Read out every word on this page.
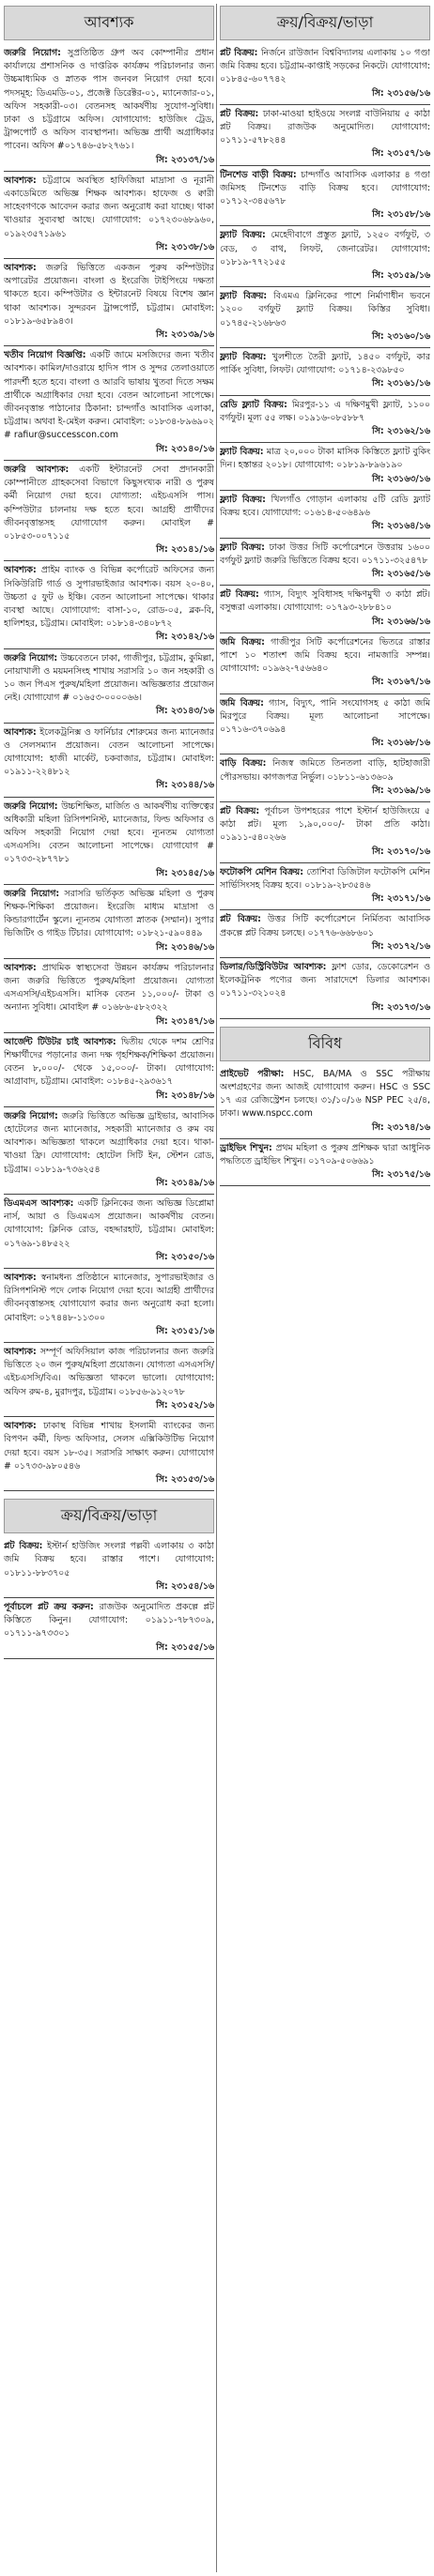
আবশ্যক
জরুরি নিয়োগ: সুপ্রতিষ্ঠিত গ্রুপ অব কোম্পানীর প্রধান কার্যালয়ে প্রশাসনিক ও দাপ্তরিক কার্যক্রম পরিচালনার জন্য উচ্চমাধ্যমিক ও স্নাতক পাস জনবল নিয়োগ দেয়া হবে। পদসমূহ: ডিএমডি-০১, প্রজেক্ট ডিরেক্টর-০১, ম্যানেজার-০১, অফিস সহকারী-০৩। বেতনসহ আকর্ষণীয় সুযোগ-সুবিধা। ঢাকা ও চট্টগ্রামে অফিস। যোগাযোগ: হাউজিং ট্রেড, ট্রান্সপোর্ট ও অফিস ব্যবস্থাপনা। অভিজ্ঞ প্রার্থী অগ্রাধিকার পাবেন। অফিস #০১৭৪৬-৫৮২৭৬১।
সি: ২৩১৩৭/১৬
আবশ্যক: চট্টগ্রামে অবস্থিত হাফিজিয়া মাদ্রাসা ও নূরানী একাডেমিতে অভিজ্ঞ শিক্ষক আবশ্যক। হাফেজ ও ক্বারী সাহেবগণকে আবেদন করার জন্য অনুরোধ করা যাচ্ছে। থাকা খাওয়ার সুব্যবস্থা আছে। যোগাযোগ: ০১৭২৩০৬৮৯৬০, ০১৯২৩৫৭১৯৬১
সি: ২৩১৩৮/১৬
আবশ্যক: জরুরি ভিত্তিতে একজন পুরুষ কম্পিউটার অপারেটর প্রয়োজন। বাংলা ও ইংরেজি টাইপিংয়ে দক্ষতা থাকতে হবে। কম্পিউটার ও ইন্টারনেট বিষয়ে বিশেষ জ্ঞান থাকা আবশ্যক। সুন্দরবন ট্রান্সপোর্ট, চট্টগ্রাম। মোবাইল: ০১৮১৯-৬৫৮৯৪৩।
সি: ২৩১৩৯/১৬
খতীব নিয়োগ বিজ্ঞপ্তি: একটি জামে মসজিদের জন্য খতীব আবশ্যক। কামিল/দাওরায়ে হাদিস পাস ও সুন্দর তেলাওয়াতে পারদর্শী হতে হবে। বাংলা ও আরবি ভাষায় খুতবা দিতে সক্ষম প্রার্থীকে অগ্রাধিকার দেয়া হবে। বেতন আলোচনা সাপেক্ষে। জীবনবৃত্তান্ত পাঠানোর ঠিকানা: চান্দগাঁও আবাসিক এলাকা, চট্টগ্রাম। অথবা ই-মেইল করুন। মোবাইল: ০১৮৩৪-৮৯৬৯০২ # rafiur@successcon.com
সি: ২৩১৪০/১৬
জরুরি আবশ্যক: একটি ইন্টারনেট সেবা প্রদানকারী কোম্পানীতে গ্রাহকসেবা বিভাগে কিছুসংখ্যক নারী ও পুরুষ কর্মী নিয়োগ দেয়া হবে। যোগ্যতা: এইচএসসি পাস। কম্পিউটার চালনায় দক্ষ হতে হবে। আগ্রহী প্রার্থীদের জীবনবৃত্তান্তসহ যোগাযোগ করুন। মোবাইল # ০১৮৫৩-০০৭১১৫
সি: ২৩১৪১/১৬
আবশ্যক: প্রাইম ব্যাংক ও বিভিন্ন কর্পোরেট অফিসের জন্য সিকিউরিটি গার্ড ও সুপারভাইজার আবশ্যক। বয়স ২০-৪০, উচ্চতা ৫ ফুট ৬ ইঞ্চি। বেতন আলোচনা সাপেক্ষে। থাকার ব্যবস্থা আছে। যোগাযোগ: বাসা-১০, রোড-০৫, ব্লক-বি, হালিশহর, চট্টগ্রাম। মোবাইল: ০১৮১৪-৩৪০৮৭২
সি: ২৩১৪২/১৬
জরুরি নিয়োগ: উচ্চবেতনে ঢাকা, গাজীপুর, চট্টগ্রাম, কুমিল্লা, নোয়াখালী ও ময়মনসিংহ শাখায় সরাসরি ১০ জন সহকারী ও ১০ জন পিএস পুরুষ/মহিলা প্রয়োজন। অভিজ্ঞতার প্রয়োজন নেই। যোগাযোগ # ০১৬৫৩-০০০০৬৬।
সি: ২৩১৪৩/১৬
আবশ্যক: ইলেকট্রনিক্স ও ফার্নিচার শোরুমের জন্য ম্যানেজার ও সেলসম্যান প্রয়োজন। বেতন আলোচনা সাপেক্ষে। যোগাযোগ: হাজী মার্কেট, চকবাজার, চট্টগ্রাম। মোবাইল: ০১৯১১-২২৪৮১২
সি: ২৩১৪৪/১৬
জরুরি নিয়োগ: উচ্চশিক্ষিত, মার্জিত ও আকর্ষণীয় ব্যক্তিত্বের অধিকারী মহিলা রিসিপশনিস্ট, ম্যানেজার, ফিল্ড অফিসার ও অফিস সহকারী নিয়োগ দেয়া হবে। ন্যূনতম যোগ্যতা এসএসসি। বেতন আলোচনা সাপেক্ষে। যোগাযোগ # ০১৭৩৩-২৮৭৭৮১
সি: ২৩১৪৫/১৬
জরুরি নিয়োগ: সরাসরি ভর্তিকৃত অভিজ্ঞ মহিলা ও পুরুষ শিক্ষক-শিক্ষিকা প্রয়োজন। ইংরেজি মাধ্যম মাদ্রাসা ও কিন্ডারগার্টেন স্কুলে। ন্যূনতম যোগ্যতা স্নাতক (সম্মান)। সুপার ভিজিটিং ও গাইড টিচার। যোগাযোগ: ০১৮২১-৫৯০৪৪৯
সি: ২৩১৪৬/১৬
আবশ্যক: প্রাথমিক স্বাস্থ্যসেবা উন্নয়ন কার্যক্রম পরিচালনার জন্য জরুরি ভিত্তিতে পুরুষ/মহিলা প্রয়োজন। যোগ্যতা এসএসসি/এইচএসসি। মাসিক বেতন ১১,০০০/- টাকা ও অন্যান্য সুবিধা। মোবাইল # ০১৬৮৬-৫৮২৩২২
সি: ২৩১৪৭/১৬
আর্জেন্ট টিউটর চাই আবশ্যক: দ্বিতীয় থেকে দশম শ্রেণির শিক্ষার্থীদের পড়ানোর জন্য দক্ষ গৃহশিক্ষক/শিক্ষিকা প্রয়োজন। বেতন ৮,০০০/- থেকে ১৫,০০০/- টাকা। যোগাযোগ: আগ্রাবাদ, চট্টগ্রাম। মোবাইল: ০১৮৪৫-২৯৩৬১৭
সি: ২৩১৪৮/১৬
জরুরি নিয়োগ: জরুরি ভিত্তিতে অভিজ্ঞ ড্রাইভার, আবাসিক হোটেলের জন্য ম্যানেজার, সহকারী ম্যানেজার ও রুম বয় আবশ্যক। অভিজ্ঞতা থাকলে অগ্রাধিকার দেয়া হবে। থাকা-খাওয়া ফ্রি। যোগাযোগ: হোটেল সিটি ইন, স্টেশন রোড, চট্টগ্রাম। ০১৮১৯-৭৩৬২৫৪
সি: ২৩১৪৯/১৬
ডিএমএস আবশ্যক: একটি ক্লিনিকের জন্য অভিজ্ঞ ডিপ্লোমা নার্স, আয়া ও ডিএমএস প্রয়োজন। আকর্ষণীয় বেতন। যোগাযোগ: ক্লিনিক রোড, বহদ্দারহাট, চট্টগ্রাম। মোবাইল: ০১৭৬৯-১৪৮৫২২
সি: ২৩১৫০/১৬
আবশ্যক: স্বনামধন্য প্রতিষ্ঠানে ম্যানেজার, সুপারভাইজার ও রিসিপশনিস্ট পদে লোক নিয়োগ দেয়া হবে। আগ্রহী প্রার্থীদের জীবনবৃত্তান্তসহ যোগাযোগ করার জন্য অনুরোধ করা হলো। মোবাইল: ০১৭৪৪৮-১১৩০০
সি: ২৩১৫১/১৬
আবশ্যক: সম্পূর্ণ অফিসিয়াল কাজ পরিচালনার জন্য জরুরি ভিত্তিতে ২০ জন পুরুষ/মহিলা প্রয়োজন। যোগ্যতা এসএসসি/এইচএসসি/বিএ। অভিজ্ঞতা থাকলে ভালো। যোগাযোগ: অফিস রুম-৪, মুরাদপুর, চট্টগ্রাম। ০১৮৫৬-৯১২০৭৮
সি: ২৩১৫২/১৬
আবশ্যক: ঢাকাস্থ বিভিন্ন শাখায় ইসলামী ব্যাংকের জন্য বিপণন কর্মী, ফিল্ড অফিসার, সেলস এক্সিকিউটিভ নিয়োগ দেয়া হবে। বয়স ১৮-৩৫। সরাসরি সাক্ষাৎ করুন। যোগাযোগ # ০১৭৩৩-৯৮০৫৪৬
সি: ২৩১৫৩/১৬
ক্রয়/বিক্রয়/ভাড়া
প্লট বিক্রয়: ইস্টার্ন হাউজিং সংলগ্ন পল্লবী এলাকায় ৩ কাঠা জমি বিক্রয় হবে। রাস্তার পাশে। যোগাযোগ: ০১৮১১-৮৮৩৭০৫
সি: ২৩১৫৪/১৬
পূর্বাচলে প্লট ক্রয় করুন: রাজউক অনুমোদিত প্রকল্পে প্লট কিস্তিতে কিনুন। যোগাযোগ: ০১৯১১-৭৮৭৩০৯, ০১৭১১-৯৭৩৩০১
সি: ২৩১৫৫/১৬
ক্রয়/বিক্রয়/ভাড়া
প্লট বিক্রয়: নির্জনে রাউজান বিশ্ববিদ্যালয় এলাকায় ১০ গণ্ডা জমি বিক্রয় হবে। চট্টগ্রাম-কাপ্তাই সড়কের নিকটে। যোগাযোগ: ০১৮৪৫-৬০৭৭৪২
সি: ২৩১৫৬/১৬
প্লট বিক্রয়: ঢাকা-মাওয়া হাইওয়ে সংলগ্ন বাউনিয়ায় ৫ কাঠা প্লট বিক্রয়। রাজউক অনুমোদিত। যোগাযোগ: ০১৭১১-৫৭৮২৪৪
সি: ২৩১৫৭/১৬
টিনশেড বাড়ী বিক্রয়: চান্দগাঁও আবাসিক এলাকার ৪ গণ্ডা জমিসহ টিনশেড বাড়ি বিক্রয় হবে। যোগাযোগ: ০১৭১২-৩৪৫৬৭৮
সি: ২৩১৫৮/১৬
ফ্ল্যাট বিক্রয়: মেহেদীবাগে প্রস্তুত ফ্ল্যাট, ১২৫০ বর্গফুট, ৩ বেড, ৩ বাথ, লিফট, জেনারেটর। যোগাযোগ: ০১৮১৯-৭৭২১৫৫
সি: ২৩১৫৯/১৬
ফ্ল্যাট বিক্রয়: বিএমএ ক্লিনিকের পাশে নির্মাণাধীন ভবনে ১২০০ বর্গফুট ফ্ল্যাট বিক্রয়। কিস্তির সুবিধা। ০১৭৪৫-২১৬৮৬৩
সি: ২৩১৬০/১৬
ফ্ল্যাট বিক্রয়: খুলশীতে তৈরী ফ্ল্যাট, ১৪৫০ বর্গফুট, কার পার্কিং সুবিধা, লিফট। যোগাযোগ: ০১৭১৪-২৩৯৮৫০
সি: ২৩১৬১/১৬
রেডি ফ্ল্যাট বিক্রয়: মিরপুর-১১ এ দক্ষিণমুখী ফ্ল্যাট, ১১০০ বর্গফুট। মূল্য ৫৫ লক্ষ। ০১৯১৬-০৮৫৮৮৭
সি: ২৩১৬২/১৬
ফ্ল্যাট বিক্রয়: মাত্র ২০,০০০ টাকা মাসিক কিস্তিতে ফ্ল্যাট বুকিং দিন। হস্তান্তর ২০১৮। যোগাযোগ: ০১৮১৯-৮৯৬১৯০
সি: ২৩১৬৩/১৬
ফ্ল্যাট বিক্রয়: খিলগাঁও গোড়ান এলাকায় ৫টি রেডি ফ্ল্যাট বিক্রয় হবে। যোগাযোগ: ০১৬১৪-৫০৬৪৯৬
সি: ২৩১৬৪/১৬
ফ্ল্যাট বিক্রয়: ঢাকা উত্তর সিটি কর্পোরেশনে উত্তরায় ১৬০০ বর্গফুট ফ্ল্যাট জরুরি ভিত্তিতে বিক্রয় হবে। ০১৭১১-৩২৫৪৭৮
সি: ২৩১৬৫/১৬
প্লট বিক্রয়: গ্যাস, বিদ্যুৎ সুবিধাসহ দক্ষিণমুখী ৩ কাঠা প্লট। বসুন্ধরা এলাকায়। যোগাযোগ: ০১৭৯৩-২৮৮৪১০
সি: ২৩১৬৬/১৬
জমি বিক্রয়: গাজীপুর সিটি কর্পোরেশনের ভিতরে রাস্তার পাশে ১০ শতাংশ জমি বিক্রয় হবে। নামজারি সম্পন্ন। যোগাযোগ: ০১৯৬২-৭৫৬৬৪০
সি: ২৩১৬৭/১৬
জমি বিক্রয়: গ্যাস, বিদ্যুৎ, পানি সংযোগসহ ৫ কাঠা জমি মিরপুরে বিক্রয়। মূল্য আলোচনা সাপেক্ষে। ০১৭১৬-৩৭০৬৯৪
সি: ২৩১৬৮/১৬
বাড়ি বিক্রয়: নিজস্ব জমিতে তিনতলা বাড়ি, হাটহাজারী পৌরসভায়। কাগজপত্র নির্ভুল। ০১৮১১-৬১৩৬০৯
সি: ২৩১৬৯/১৬
প্লট বিক্রয়: পূর্বাচল উপশহরের পাশে ইস্টার্ন হাউজিংয়ে ৫ কাঠা প্লট। মূল্য ১,৯০,০০০/- টাকা প্রতি কাঠা। ০১৯১১-৫৪০২৬৬
সি: ২৩১৭০/১৬
ফটোকপি মেশিন বিক্রয়: তোশিবা ডিজিটাল ফটোকপি মেশিন সার্ভিসিংসহ বিক্রয় হবে। ০১৮১৯-২৮৩৫৪৬
সি: ২৩১৭১/১৬
প্লট বিক্রয়: উত্তর সিটি কর্পোরেশনে নির্মিতব্য আবাসিক প্রকল্পে প্লট বিক্রয় চলছে। ০১৭৭৬-৬৬৮৬০১
সি: ২৩১৭২/১৬
ডিলার/ডিস্ট্রিবিউটর আবশ্যক: ফ্লাশ ডোর, ডেকোরেশন ও ইলেকট্রনিক পণ্যের জন্য সারাদেশে ডিলার আবশ্যক। ০১৭১১-৩২১০২৪
সি: ২৩১৭৩/১৬
বিবিধ
প্রাইভেট পরীক্ষা: HSC, BA/MA ও SSC পরীক্ষায় অংশগ্রহণের জন্য আজই যোগাযোগ করুন। HSC ও SSC ১৭ এর রেজিস্ট্রেশন চলছে। ৩১/১০/১৬ NSP PEC ২৫/৪, ঢাকা। www.nspcc.com
সি: ২৩১৭৪/১৬
ড্রাইভিং শিখুন: প্রথম মহিলা ও পুরুষ প্রশিক্ষক দ্বারা আধুনিক পদ্ধতিতে ড্রাইভিং শিখুন। ০১৭০৯-৫০৬৬৯১
সি: ২৩১৭৫/১৬
